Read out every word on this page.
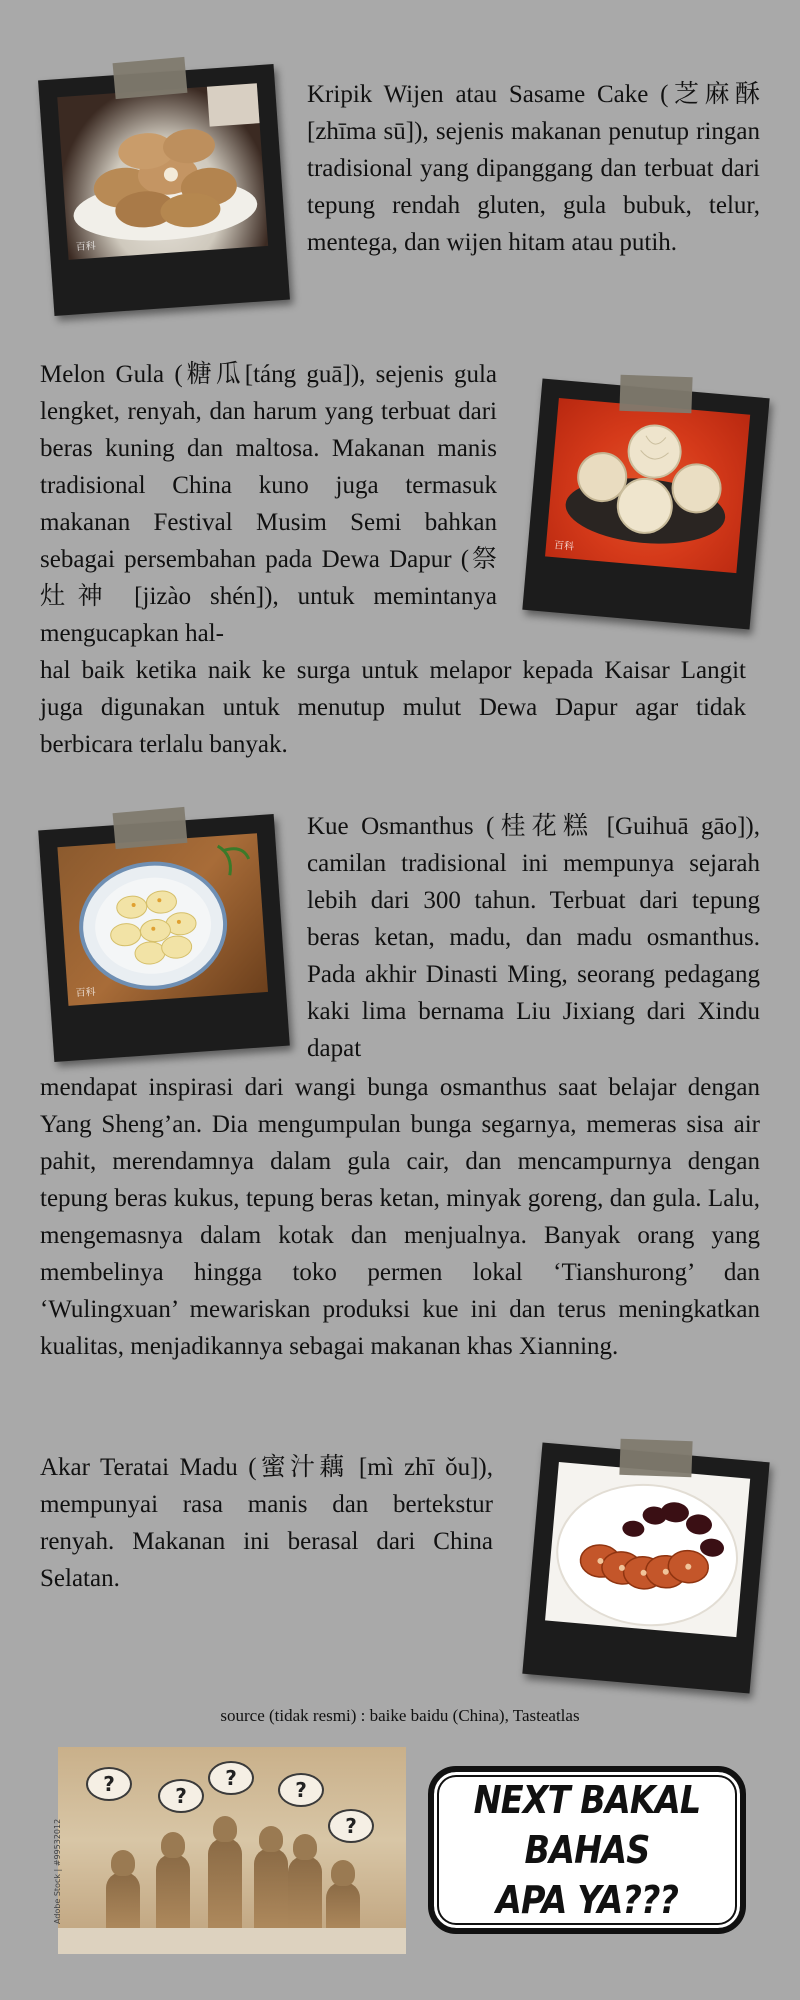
百科
Kripik Wijen atau Sasame Cake (芝麻酥[zhīma sū]), sejenis makanan penutup ringan tradisional yang dipanggang dan terbuat dari tepung rendah gluten, gula bubuk, telur, mentega, dan wijen hitam atau putih.
Melon Gula (糖瓜[táng guā]), sejenis gula lengket, renyah, dan harum yang terbuat dari beras kuning dan maltosa. Makanan manis tradisional China kuno juga termasuk makanan Festival Musim Semi bahkan sebagai persembahan pada Dewa Dapur (祭灶神 [jizào shén]), untuk memintanya mengucapkan hal-
hal baik ketika naik ke surga untuk melapor kepada Kaisar Langit juga digunakan untuk menutup mulut Dewa Dapur agar tidak berbicara terlalu banyak.
百科
百科
Kue Osmanthus (桂花糕 [Guihuā gāo]), camilan tradisional ini mempunya sejarah lebih dari 300 tahun. Terbuat dari tepung beras ketan, madu, dan madu osmanthus. Pada akhir Dinasti Ming, seorang pedagang kaki lima bernama Liu Jixiang dari Xindu dapat
mendapat inspirasi dari wangi bunga osmanthus saat belajar dengan Yang Sheng’an. Dia mengumpulan bunga segarnya, memeras sisa air pahit, merendamnya dalam gula cair, dan mencampurnya dengan tepung beras kukus, tepung beras ketan, minyak goreng, dan gula. Lalu, mengemasnya dalam kotak dan menjualnya. Banyak orang yang membelinya hingga toko permen lokal ‘Tianshurong’ dan ‘Wulingxuan’ mewariskan produksi kue ini dan terus meningkatkan kualitas, menjadikannya sebagai makanan khas Xianning.
Akar Teratai Madu (蜜汁藕 [mì zhī ǒu]), mempunyai rasa manis dan bertekstur renyah. Makanan ini berasal dari China Selatan.
source (tidak resmi) : baike baidu (China), Tasteatlas
?	?
?	?
?
Adobe Stock | #99532012
NEXT BAKAL BAHAS
APA YA???
